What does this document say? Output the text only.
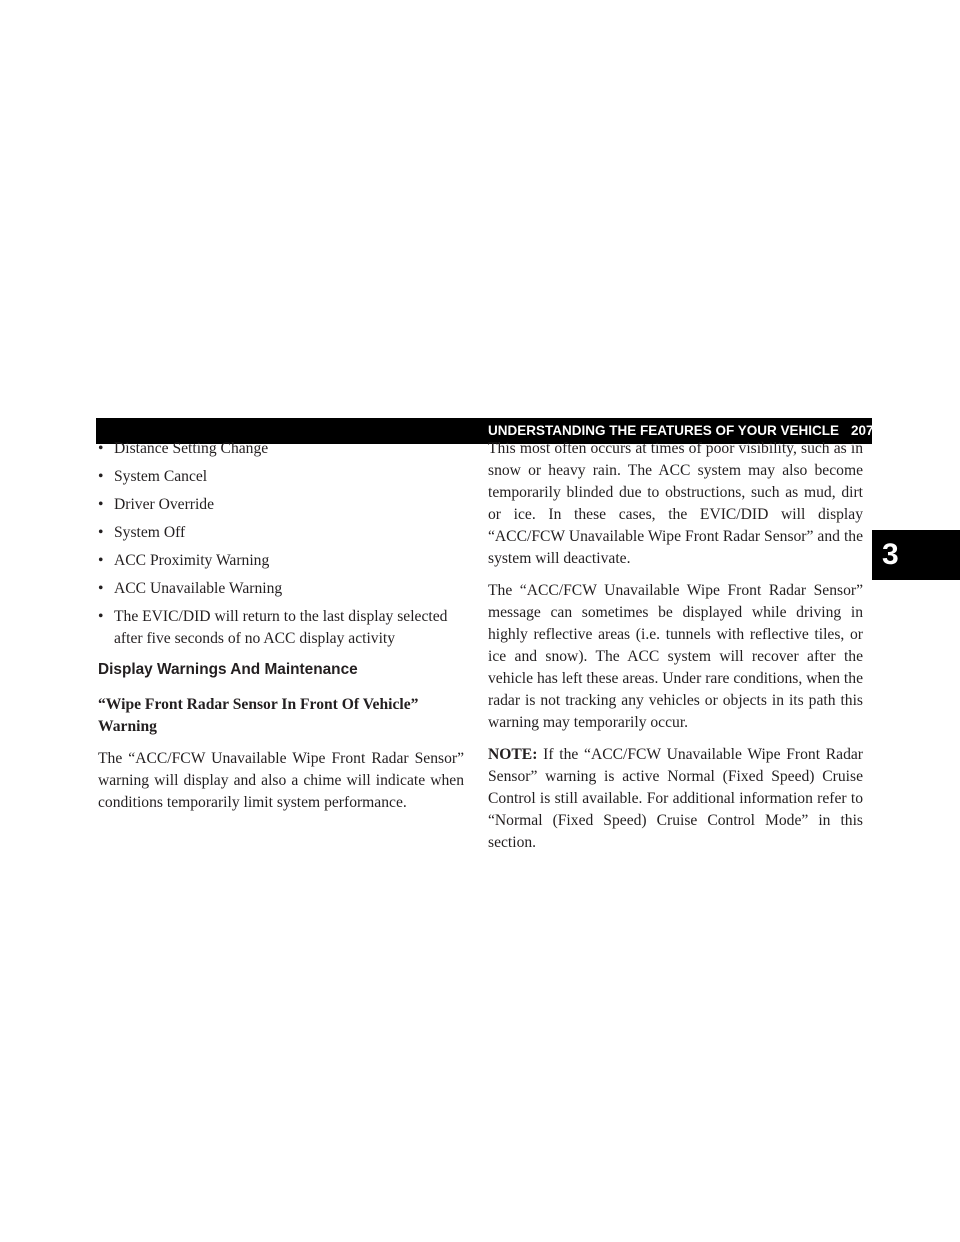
UNDERSTANDING THE FEATURES OF YOUR VEHICLE 207
3
• Distance Setting Change
• System Cancel
• Driver Override
• System Off
• ACC Proximity Warning
• ACC Unavailable Warning
• The EVIC/DID will return to the last display selected after five seconds of no ACC display activity
Display Warnings And Maintenance
“Wipe Front Radar Sensor In Front Of Vehicle” Warning

The “ACC/FCW Unavailable Wipe Front Radar Sensor” warning will display and also a chime will indicate when conditions temporarily limit system performance.

This most often occurs at times of poor visibility, such as in snow or heavy rain. The ACC system may also become temporarily blinded due to obstructions, such as mud, dirt or ice. In these cases, the EVIC/DID will display “ACC/FCW Unavailable Wipe Front Radar Sensor” and the system will deactivate.

The “ACC/FCW Unavailable Wipe Front Radar Sensor” message can sometimes be displayed while driving in highly reflective areas (i.e. tunnels with reflective tiles, or ice and snow). The ACC system will recover after the vehicle has left these areas. Under rare conditions, when the radar is not tracking any vehicles or objects in its path this warning may temporarily occur.

NOTE: If the “ACC/FCW Unavailable Wipe Front Radar Sensor” warning is active Normal (Fixed Speed) Cruise Control is still available. For additional information refer to “Normal (Fixed Speed) Cruise Control Mode” in this section.
